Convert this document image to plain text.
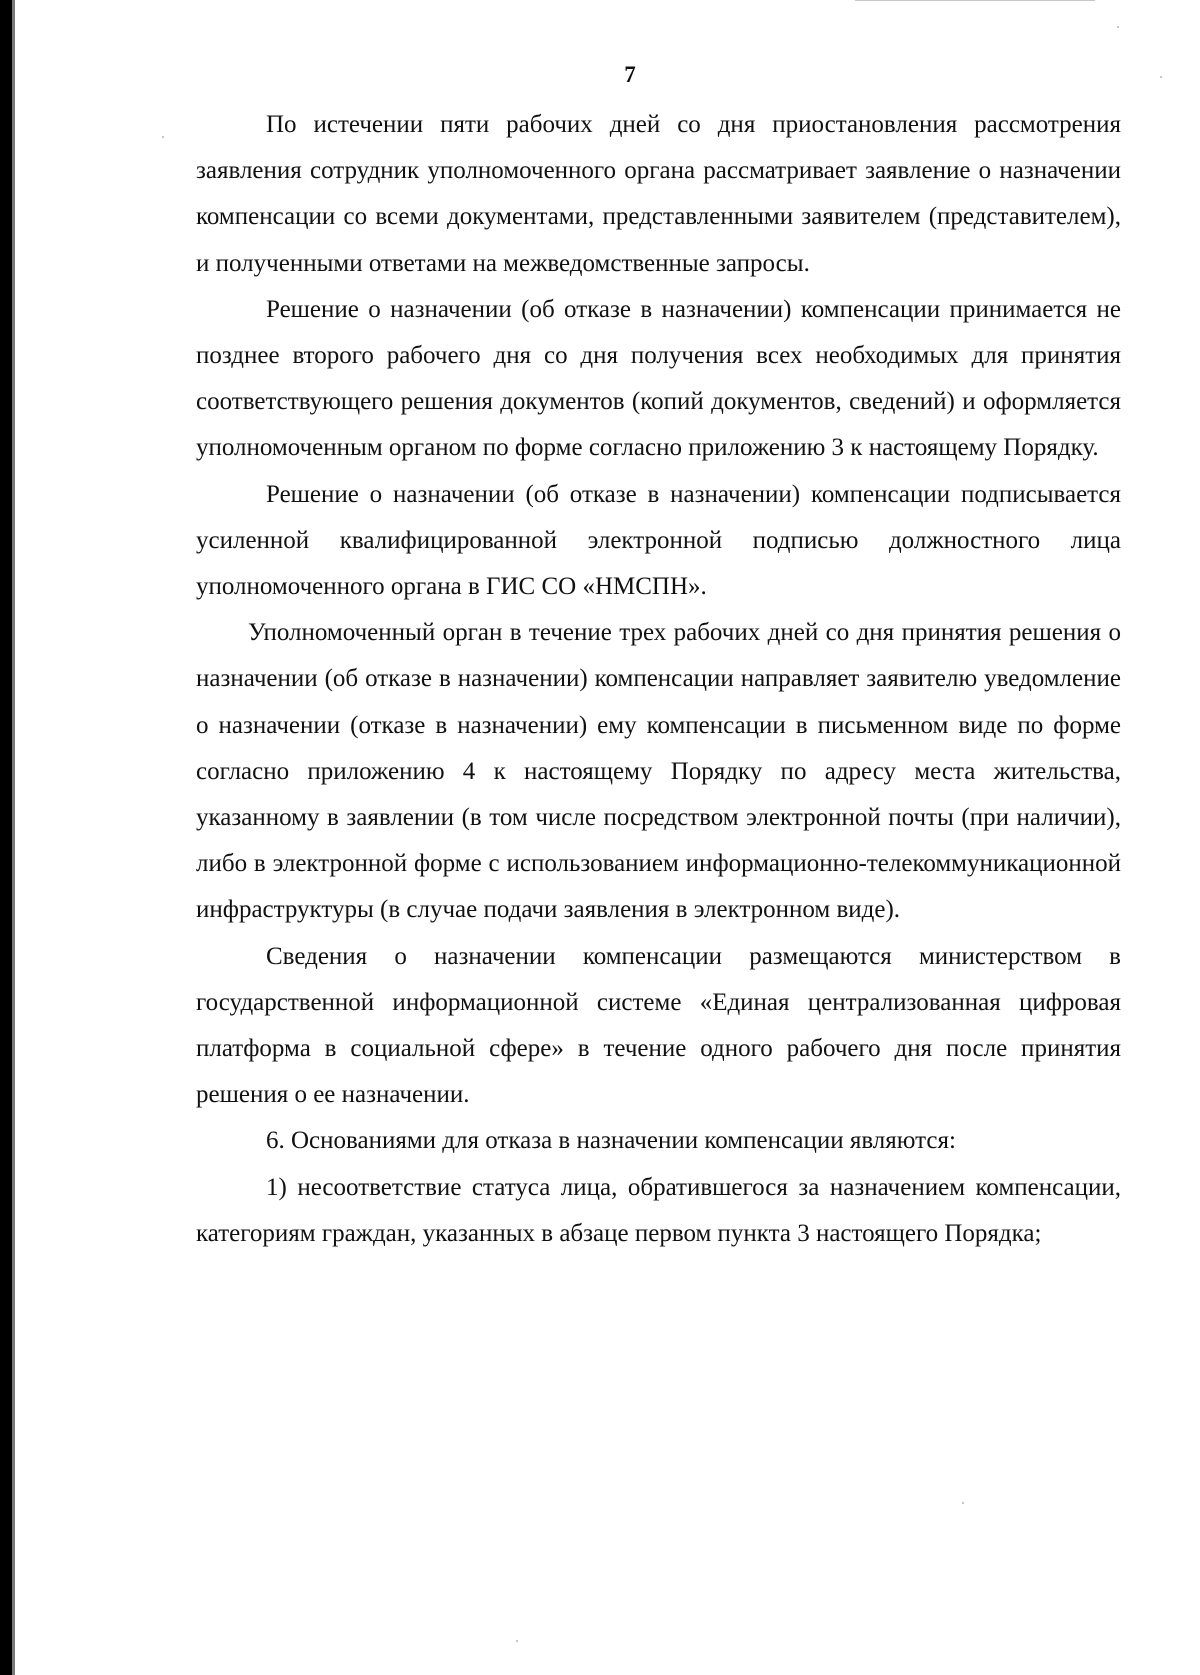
7

По истечении пяти рабочих дней со дня приостановления рассмотрения заявления сотрудник уполномоченного органа рассматривает заявление о назначении компенсации со всеми документами, представленными заявителем (представителем), и полученными ответами на межведомственные запросы.

Решение о назначении (об отказе в назначении) компенсации принимается не позднее второго рабочего дня со дня получения всех необходимых для принятия соответствующего решения документов (копий документов, сведений) и оформляется уполномоченным органом по форме согласно приложению 3 к настоящему Порядку.

Решение о назначении (об отказе в назначении) компенсации подписывается усиленной квалифицированной электронной подписью должностного лица уполномоченного органа в ГИС СО «НМСПН».

Уполномоченный орган в течение трех рабочих дней со дня принятия решения о назначении (об отказе в назначении) компенсации направляет заявителю уведомление о назначении (отказе в назначении) ему компенсации в письменном виде по форме согласно приложению 4 к настоящему Порядку по адресу места жительства, указанному в заявлении (в том числе посредством электронной почты (при наличии), либо в электронной форме с использованием информационно-телекоммуникационной инфраструктуры (в случае подачи заявления в электронном виде).

Сведения о назначении компенсации размещаются министерством в государственной информационной системе «Единая централизованная цифровая платформа в социальной сфере» в течение одного рабочего дня после принятия решения о ее назначении.

6. Основаниями для отказа в назначении компенсации являются:

1) несоответствие статуса лица, обратившегося за назначением компенсации, категориям граждан, указанных в абзаце первом пункта 3 настоящего Порядка;
